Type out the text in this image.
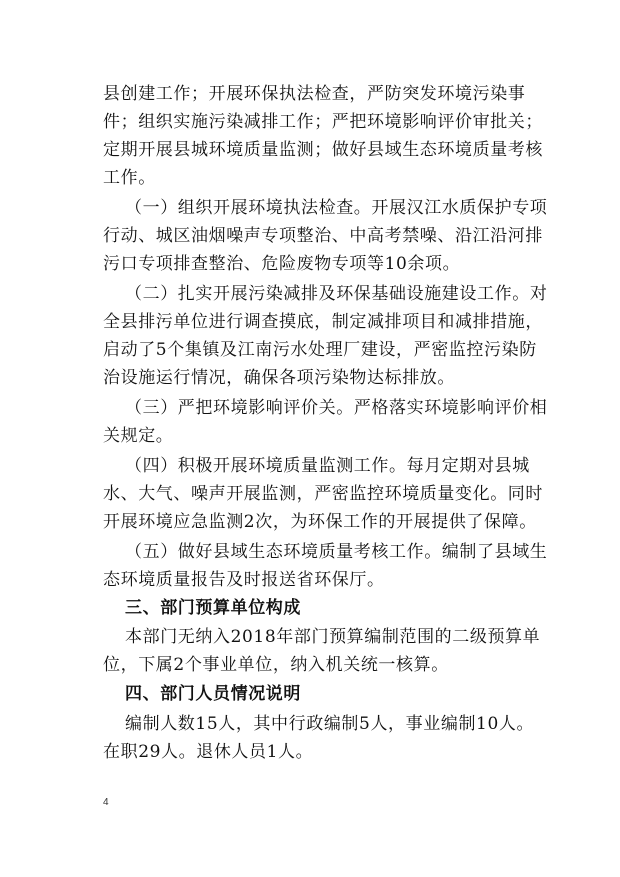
县创建工作；开展环保执法检查，严防突发环境污染事
件；组织实施污染减排工作；严把环境影响评价审批关；
定期开展县城环境质量监测；做好县域生态环境质量考核
工作。
（一）组织开展环境执法检查。开展汉江水质保护专项
行动、城区油烟噪声专项整治、中高考禁噪、沿江沿河排
污口专项排查整治、危险废物专项等10余项。
（二）扎实开展污染减排及环保基础设施建设工作。对
全县排污单位进行调查摸底，制定减排项目和减排措施，
启动了5个集镇及江南污水处理厂建设，严密监控污染防
治设施运行情况，确保各项污染物达标排放。
（三）严把环境影响评价关。严格落实环境影响评价相
关规定。
（四）积极开展环境质量监测工作。每月定期对县城
水、大气、噪声开展监测，严密监控环境质量变化。同时
开展环境应急监测2次，为环保工作的开展提供了保障。
（五）做好县域生态环境质量考核工作。编制了县域生
态环境质量报告及时报送省环保厅。
三、部门预算单位构成
本部门无纳入2018年部门预算编制范围的二级预算单
位，下属2个事业单位，纳入机关统一核算。
四、部门人员情况说明
编制人数15人，其中行政编制5人，事业编制10人。
在职29人。退休人员1人。
4
